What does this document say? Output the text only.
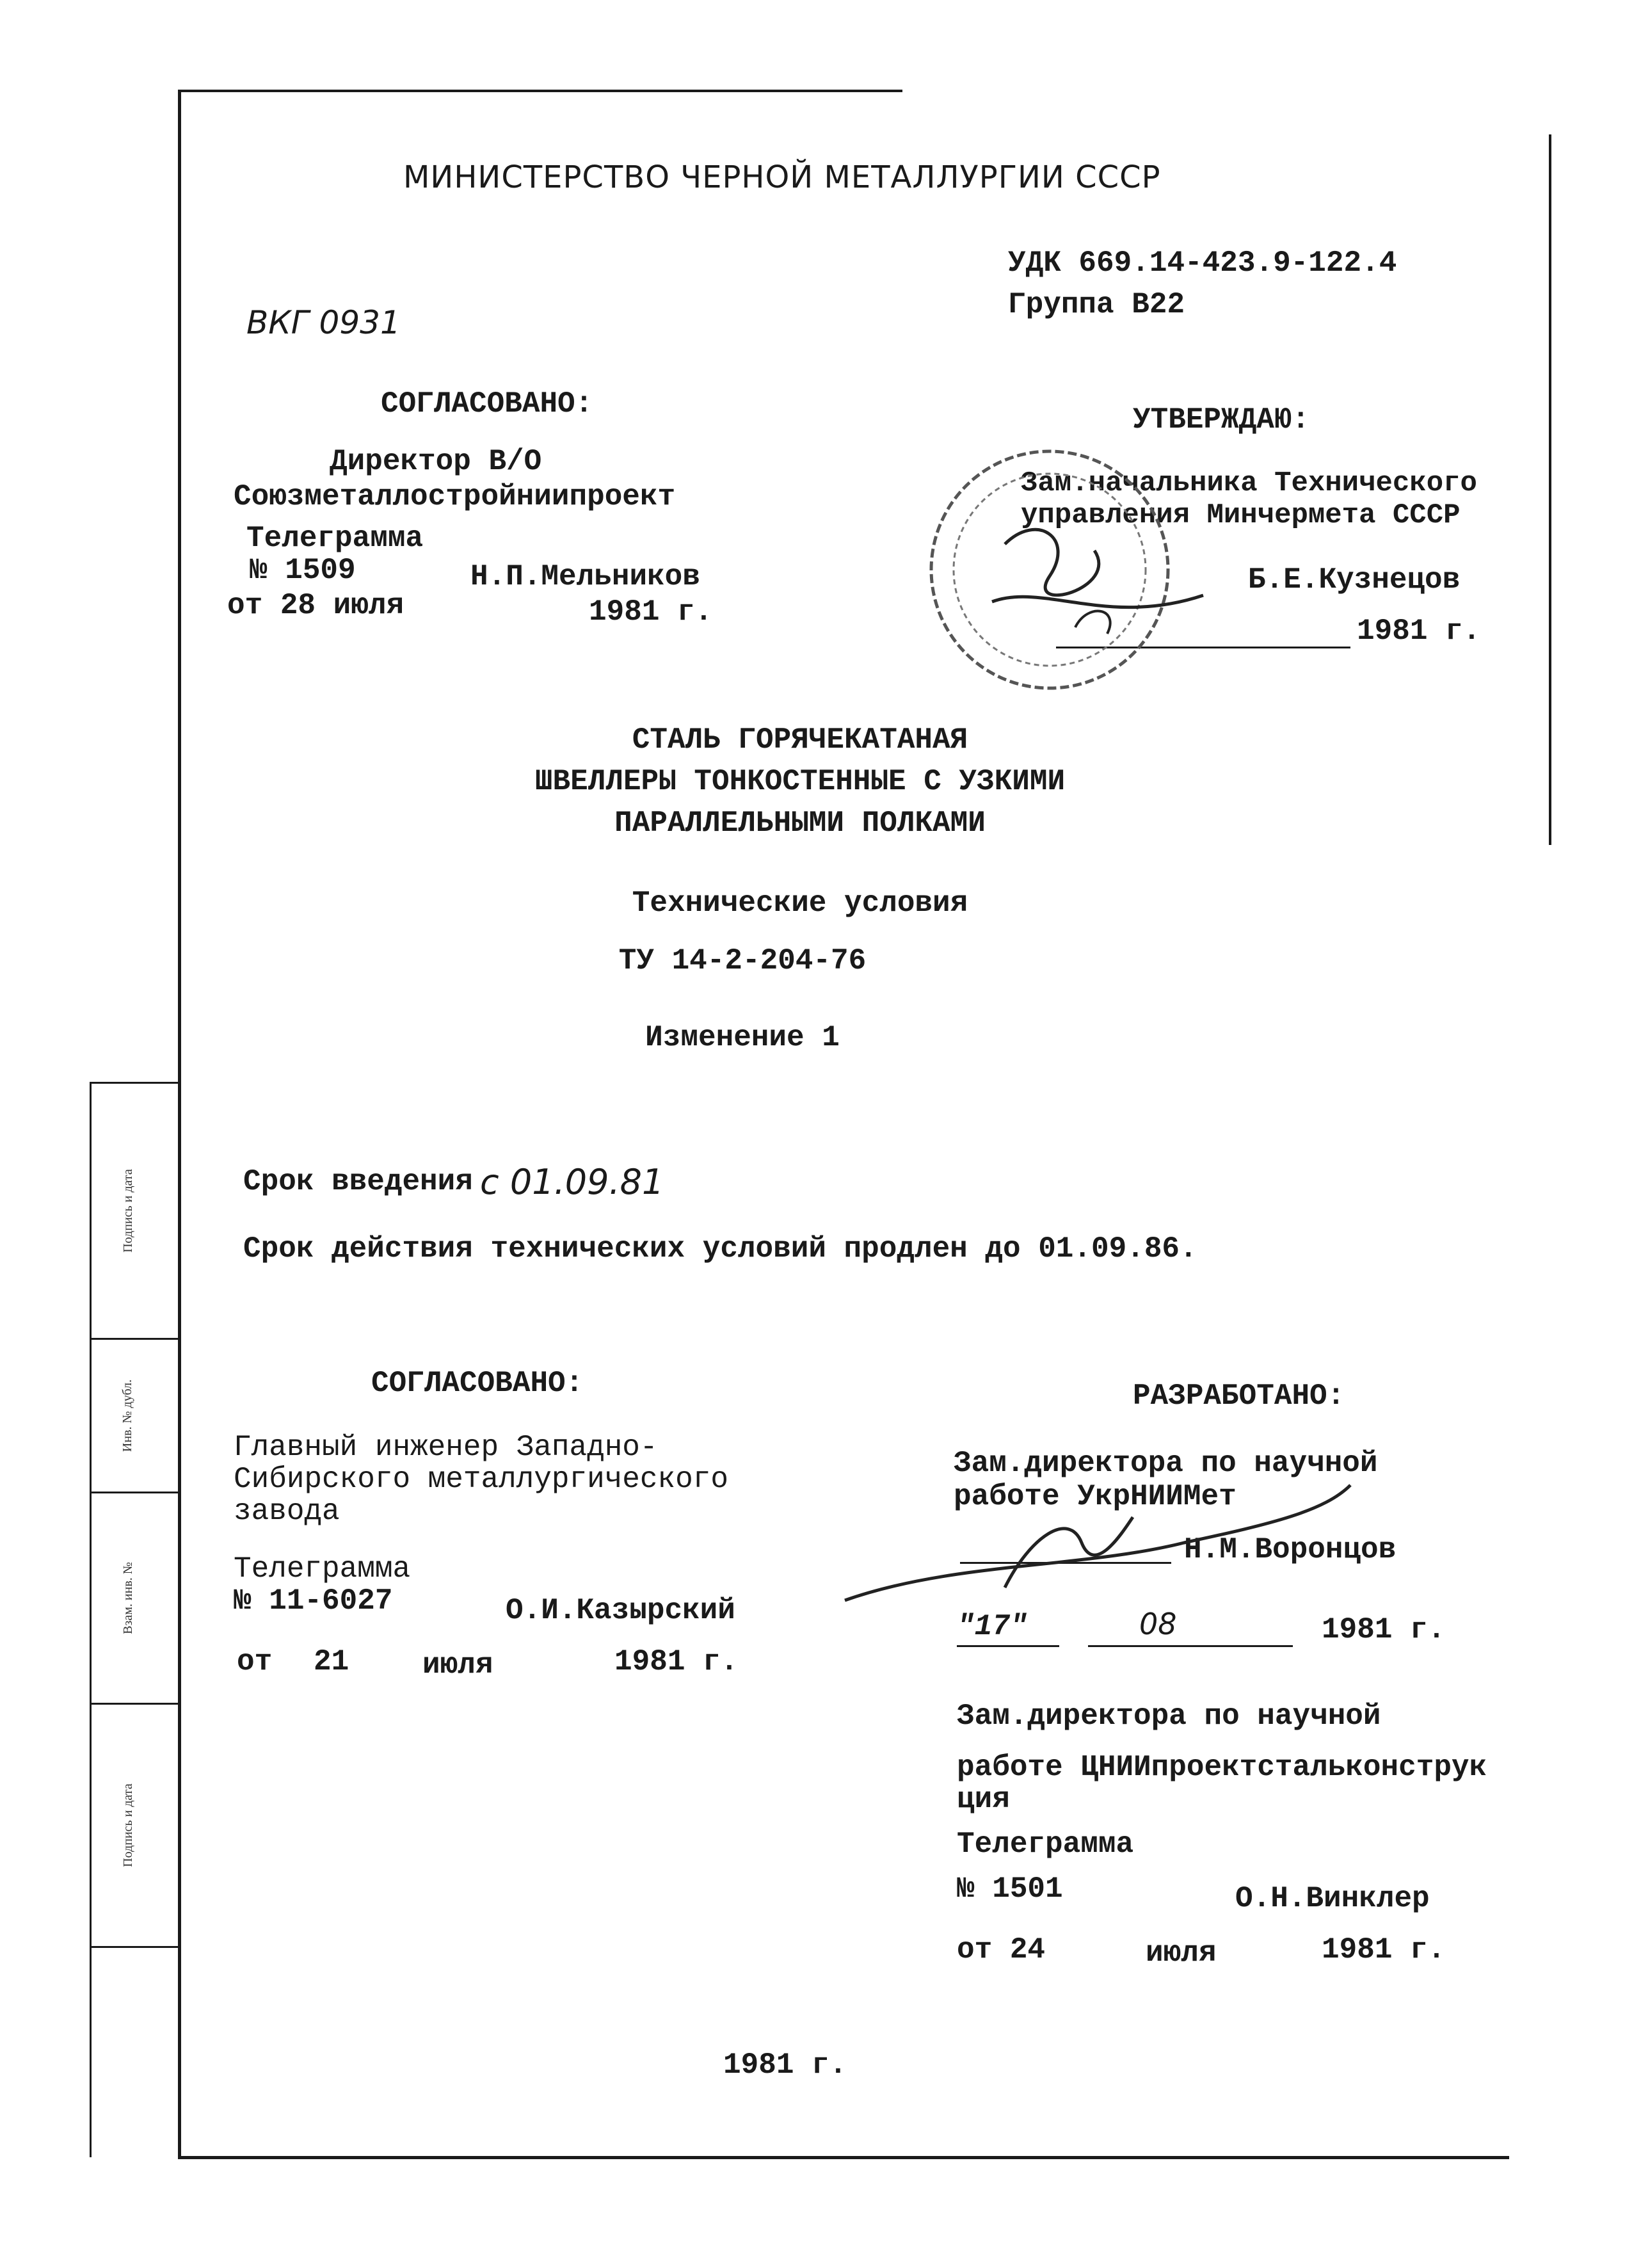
Подпись и дата
Инв. № дубл.
Взам. инв. №
Подпись и дата
МИНИСТЕРСТВО ЧЕРНОЙ МЕТАЛЛУРГИИ СССР
ВКГ 0931
УДК 669.14-423.9-122.4
Группа В22
СОГЛАСОВАНО:
Директор В/О
Союзметаллостройниипроект
Телеграмма
№ 1509	Н.П.Мельников
от 28 июля	1981 г.
УТВЕРЖДАЮ:
Зам.начальника Технического
управления Минчермета СССР
Б.Е.Кузнецов
1981 г.
СТАЛЬ ГОРЯЧЕКАТАНАЯ
ШВЕЛЛЕРЫ ТОНКОСТЕННЫЕ С УЗКИМИ
ПАРАЛЛЕЛЬНЫМИ ПОЛКАМИ
Технические условия
ТУ 14-2-204-76
Изменение 1
Срок введения с 01.09.81
Срок действия технических условий продлен до 01.09.86.
СОГЛАСОВАНО:
Главный инженер Западно-
Сибирского металлургического
завода
Телеграмма
№ 11-6027	О.И.Казырский
от 21 июля	1981 г.
РАЗРАБОТАНО:
Зам.директора по научной
работе УкрНИИМет
Н.М.Воронцов
"17"	08	1981 г.
Зам.директора по научной
работе ЦНИИпроектстальконструк
ция
Телеграмма
№ 1501	О.Н.Винклер
от 24	июля	1981 г.
1981 г.
